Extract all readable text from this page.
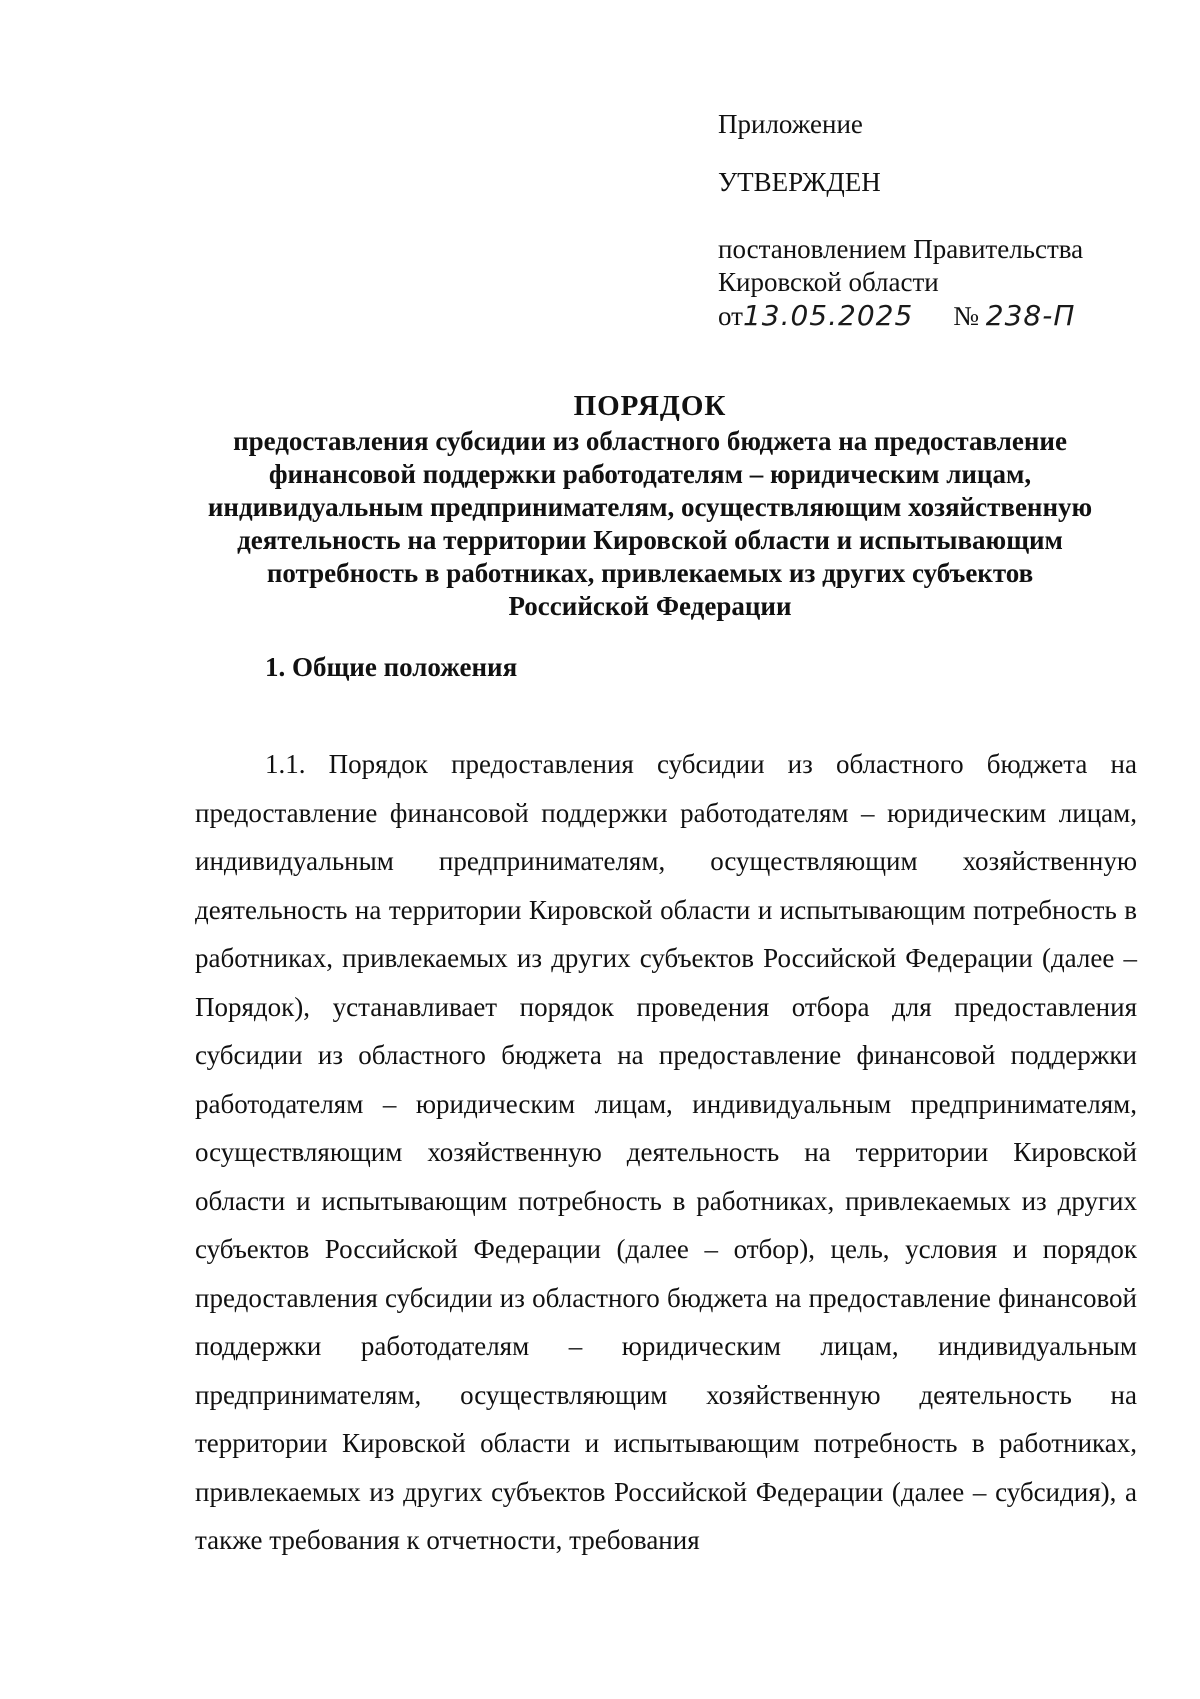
Приложение
УТВЕРЖДЕН
постановлением Правительства
Кировской области
от13.05.2025 № 238-П
ПОРЯДОК
предоставления субсидии из областного бюджета на предоставление
финансовой поддержки работодателям – юридическим лицам,
индивидуальным предпринимателям, осуществляющим хозяйственную
деятельность на территории Кировской области и испытывающим
потребность в работниках, привлекаемых из других субъектов
Российской Федерации
1. Общие положения

1.1. Порядок предоставления субсидии из областного бюджета на предоставление финансовой поддержки работодателям – юридическим лицам, индивидуальным предпринимателям, осуществляющим хозяйственную деятельность на территории Кировской области и испытывающим потребность в работниках, привлекаемых из других субъектов Российской Федерации (далее – Порядок), устанавливает порядок проведения отбора для предоставления субсидии из областного бюджета на предоставление финансовой поддержки работодателям – юридическим лицам, индивидуальным предпринимателям, осуществляющим хозяйственную деятельность на территории Кировской области и испытывающим потребность в работниках, привлекаемых из других субъектов Российской Федерации (далее – отбор), цель, условия и порядок предоставления субсидии из областного бюджета на предоставление финансовой поддержки работодателям – юридическим лицам, индивидуальным предпринимателям, осуществляющим хозяйственную деятельность на территории Кировской области и испытывающим потребность в работниках, привлекаемых из других субъектов Российской Федерации (далее – субсидия), а также требования к отчетности, требования
